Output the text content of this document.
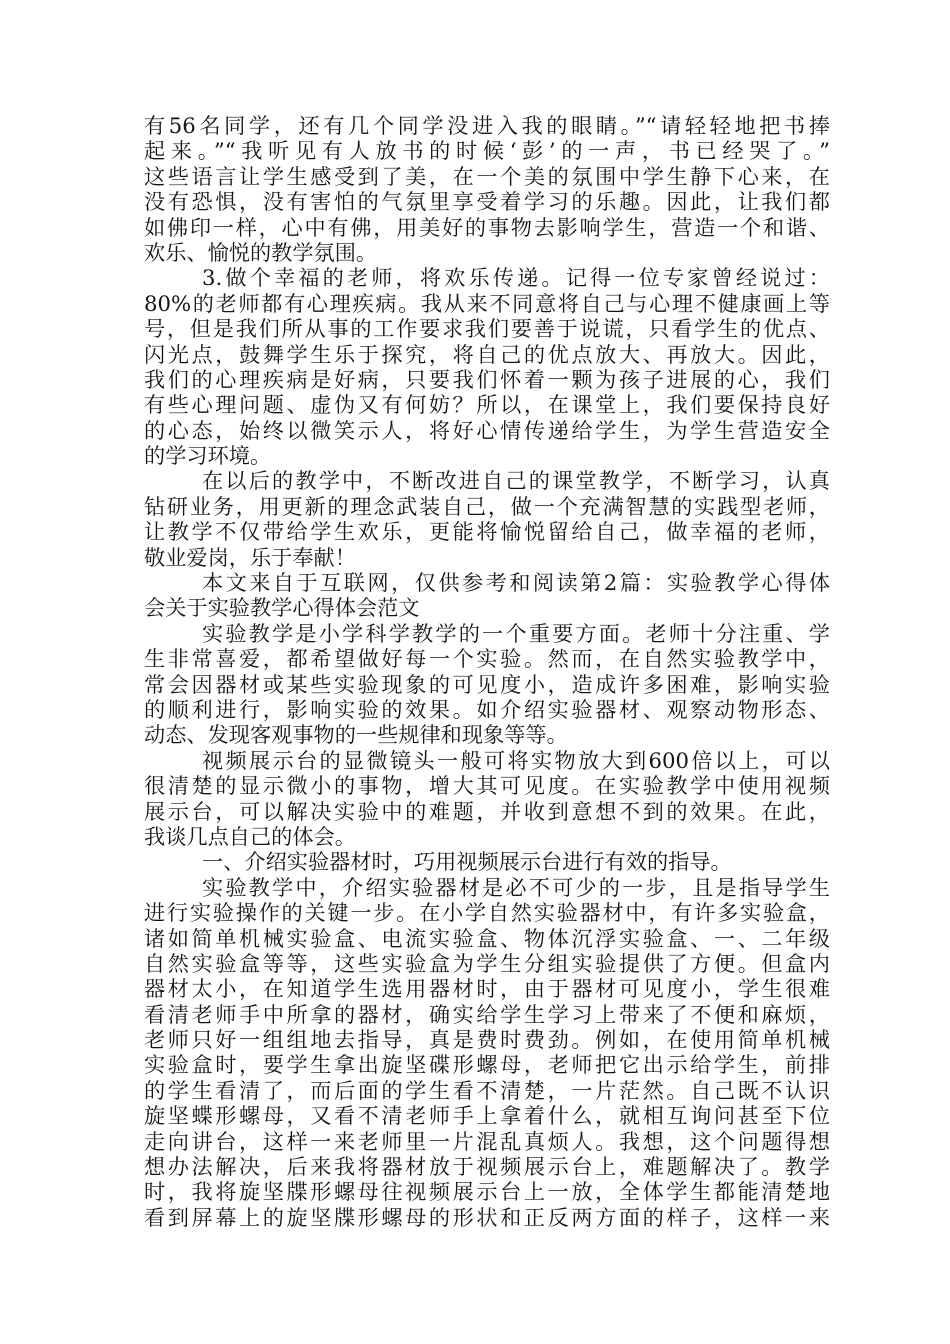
有56名同学，还有几个同学没进入我的眼睛。”“请轻轻地把书捧
起来。”“我听见有人放书的时候‘彭’的一声，书已经哭了。”
这些语言让学生感受到了美，在一个美的氛围中学生静下心来，在
没有恐惧，没有害怕的气氛里享受着学习的乐趣。因此，让我们都
如佛印一样，心中有佛，用美好的事物去影响学生，营造一个和谐、
欢乐、愉悦的教学氛围。
3.做个幸福的老师，将欢乐传递。记得一位专家曾经说过：
80%的老师都有心理疾病。我从来不同意将自己与心理不健康画上等
号，但是我们所从事的工作要求我们要善于说谎，只看学生的优点、
闪光点，鼓舞学生乐于探究，将自己的优点放大、再放大。因此，
我们的心理疾病是好病，只要我们怀着一颗为孩子进展的心，我们
有些心理问题、虚伪又有何妨？所以，在课堂上，我们要保持良好
的心态，始终以微笑示人，将好心情传递给学生，为学生营造安全
的学习环境。
在以后的教学中，不断改进自己的课堂教学，不断学习，认真
钻研业务，用更新的理念武装自己，做一个充满智慧的实践型老师，
让教学不仅带给学生欢乐，更能将愉悦留给自己，做幸福的老师，
敬业爱岗，乐于奉献！
本文来自于互联网，仅供参考和阅读第2篇：实验教学心得体
会关于实验教学心得体会范文
实验教学是小学科学教学的一个重要方面。老师十分注重、学
生非常喜爱，都希望做好每一个实验。然而，在自然实验教学中，
常会因器材或某些实验现象的可见度小，造成许多困难，影响实验
的顺利进行，影响实验的效果。如介绍实验器材、观察动物形态、
动态、发现客观事物的一些规律和现象等等。
视频展示台的显微镜头一般可将实物放大到600倍以上，可以
很清楚的显示微小的事物，增大其可见度。在实验教学中使用视频
展示台，可以解决实验中的难题，并收到意想不到的效果。在此，
我谈几点自己的体会。
一、介绍实验器材时，巧用视频展示台进行有效的指导。
实验教学中，介绍实验器材是必不可少的一步，且是指导学生
进行实验操作的关键一步。在小学自然实验器材中，有许多实验盒，
诸如简单机械实验盒、电流实验盒、物体沉浮实验盒、一、二年级
自然实验盒等等，这些实验盒为学生分组实验提供了方便。但盒内
器材太小，在知道学生选用器材时，由于器材可见度小，学生很难
看清老师手中所拿的器材，确实给学生学习上带来了不便和麻烦，
老师只好一组组地去指导，真是费时费劲。例如，在使用简单机械
实验盒时，要学生拿出旋坚碟形螺母，老师把它出示给学生，前排
的学生看清了，而后面的学生看不清楚，一片茫然。自己既不认识
旋坚蝶形螺母，又看不清老师手上拿着什么，就相互询问甚至下位
走向讲台，这样一来老师里一片混乱真烦人。我想，这个问题得想
想办法解决，后来我将器材放于视频展示台上，难题解决了。教学
时，我将旋坚牒形螺母往视频展示台上一放，全体学生都能清楚地
看到屏幕上的旋坚牒形螺母的形状和正反两方面的样子，这样一来
